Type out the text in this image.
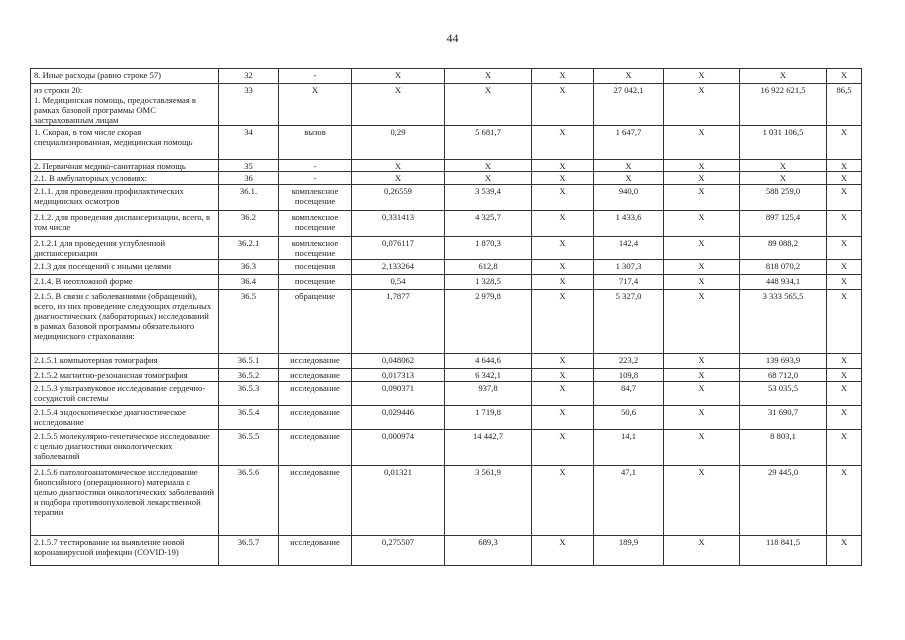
44
8. Иные расходы (равно строке 57)	32	-	X	X	X	X	X	X	X
из строки 20:
1. Медицинская помощь, предоставляемая в рамках базовой программы ОМС застрахованным лицам	33	X	X	X	X	27 042,1	X	16 922 621,5	86,5
1. Скорая, в том числе скорая специализированная, медицинская помощь	34	вызов	0,29	5 681,7	X	1 647,7	X	1 031 106,5	X
2. Первичная медико-санитарная помощь	35	-	X	X	X	X	X	X	X
2.1. В амбулаторных условиях:	36	-	X	X	X	X	X	X	X
2.1.1. для проведения профилактических медицинских осмотров	36.1.	комплексное посещение	0,26559	3 539,4	X	940,0	X	588 259,0	X
2.1.2. для проведения диспансеризации, всего, в том числе	36.2	комплексное посещение	0,331413	4 325,7	X	1 433,6	X	897 125,4	X
2.1.2.1 для проведения углубленной диспансеризации	36.2.1	комплексное посещение	0,076117	1 870,3	X	142,4	X	89 088,2	X
2.1.3 для посещений с иными целями	36.3	посещения	2,133264	612,8	X	1 307,3	X	818 070,2	X
2.1.4. В неотложной форме	36.4	посещение	0,54	1 328,5	X	717,4	X	448 934,1	X
2.1.5. В связи с заболеваниями (обращений), всего, из них проведение следующих отдельных диагностических (лабораторных) исследований в рамках базовой программы обязательного медицинского страхования:	36.5	обращение	1,7877	2 979,8	X	5 327,0	X	3 333 565,5	X
2.1.5.1 компьютерная томография	36.5.1	исследование	0,048062	4 644,6	X	223,2	X	139 693,9	X
2.1.5.2 магнитно-резонансная томография	36.5.2	исследование	0,017313	6 342,1	X	109,8	X	68 712,0	X
2.1.5.3 ультразвуковое исследование сердечно-сосудистой системы	36.5.3	исследование	0,090371	937,8	X	84,7	X	53 035,5	X
2.1.5.4 эндоскопическое диагностическое исследование	36.5.4	исследование	0,029446	1 719,8	X	50,6	X	31 690,7	X
2.1.5.5 молекулярно-генетическое исследование с целью диагностики онкологических заболеваний	36.5.5	исследование	0,000974	14 442,7	X	14,1	X	8 803,1	X
2.1.5.6 патологоанатомическое исследование биопсийного (операционного) материала с целью диагностики онкологических заболеваний и подбора противоопухолевой лекарственной терапии	36.5.6	исследование	0,01321	3 561,9	X	47,1	X	29 445,0	X
2.1.5.7 тестирование на выявление новой коронавирусной инфекции (COVID-19)	36.5.7	исследование	0,275507	689,3	X	189,9	X	118 841,5	X
